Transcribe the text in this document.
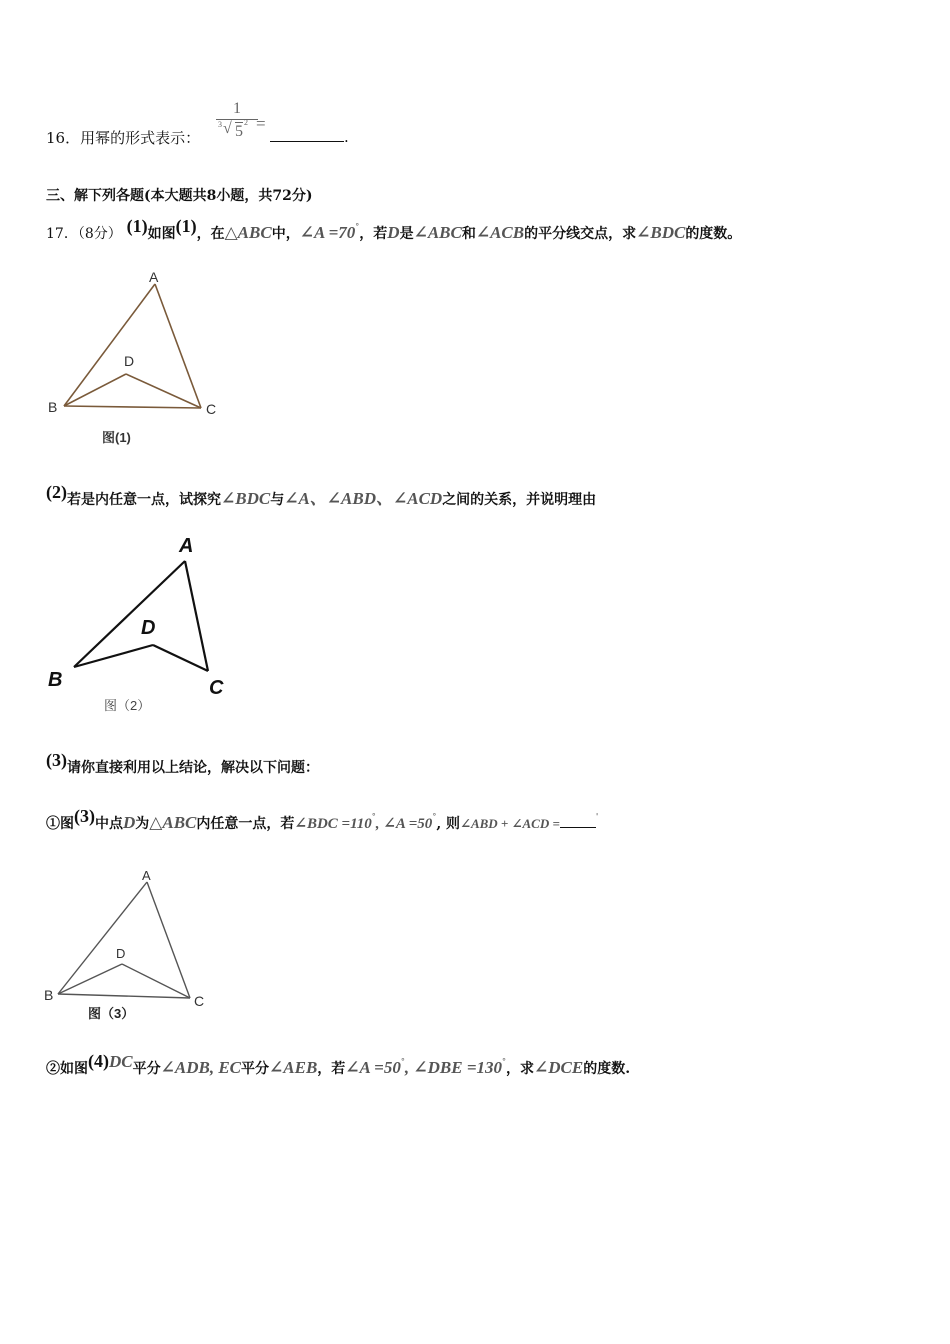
16．用幂的形式表示：
1
3 √ 5
2 =
.
三、解下列各题(本大题共8小题，共72分)
17．（8分） (1)如图(1)，在△ABC中，∠A =70°，若D是∠ABC和∠ACB的平分线交点，求∠BDC的度数。
A
D
B	C
图(1)
(2)若是内任意一点，试探究∠BDC与∠A、∠ABD、∠ACD之间的关系，并说明理由
A
D
B	C
图（2）
(3)请你直接利用以上结论，解决以下问题：
①图(3)中点D为△ABC内任意一点，若∠BDC =110°, ∠A =50°, 则∠ABD + ∠ACD =	'
A
D
B	C
图（3）
②如图(4)DC平分∠ADB, EC平分∠AEB，若∠A =50°, ∠DBE =130°，求∠DCE的度数.
